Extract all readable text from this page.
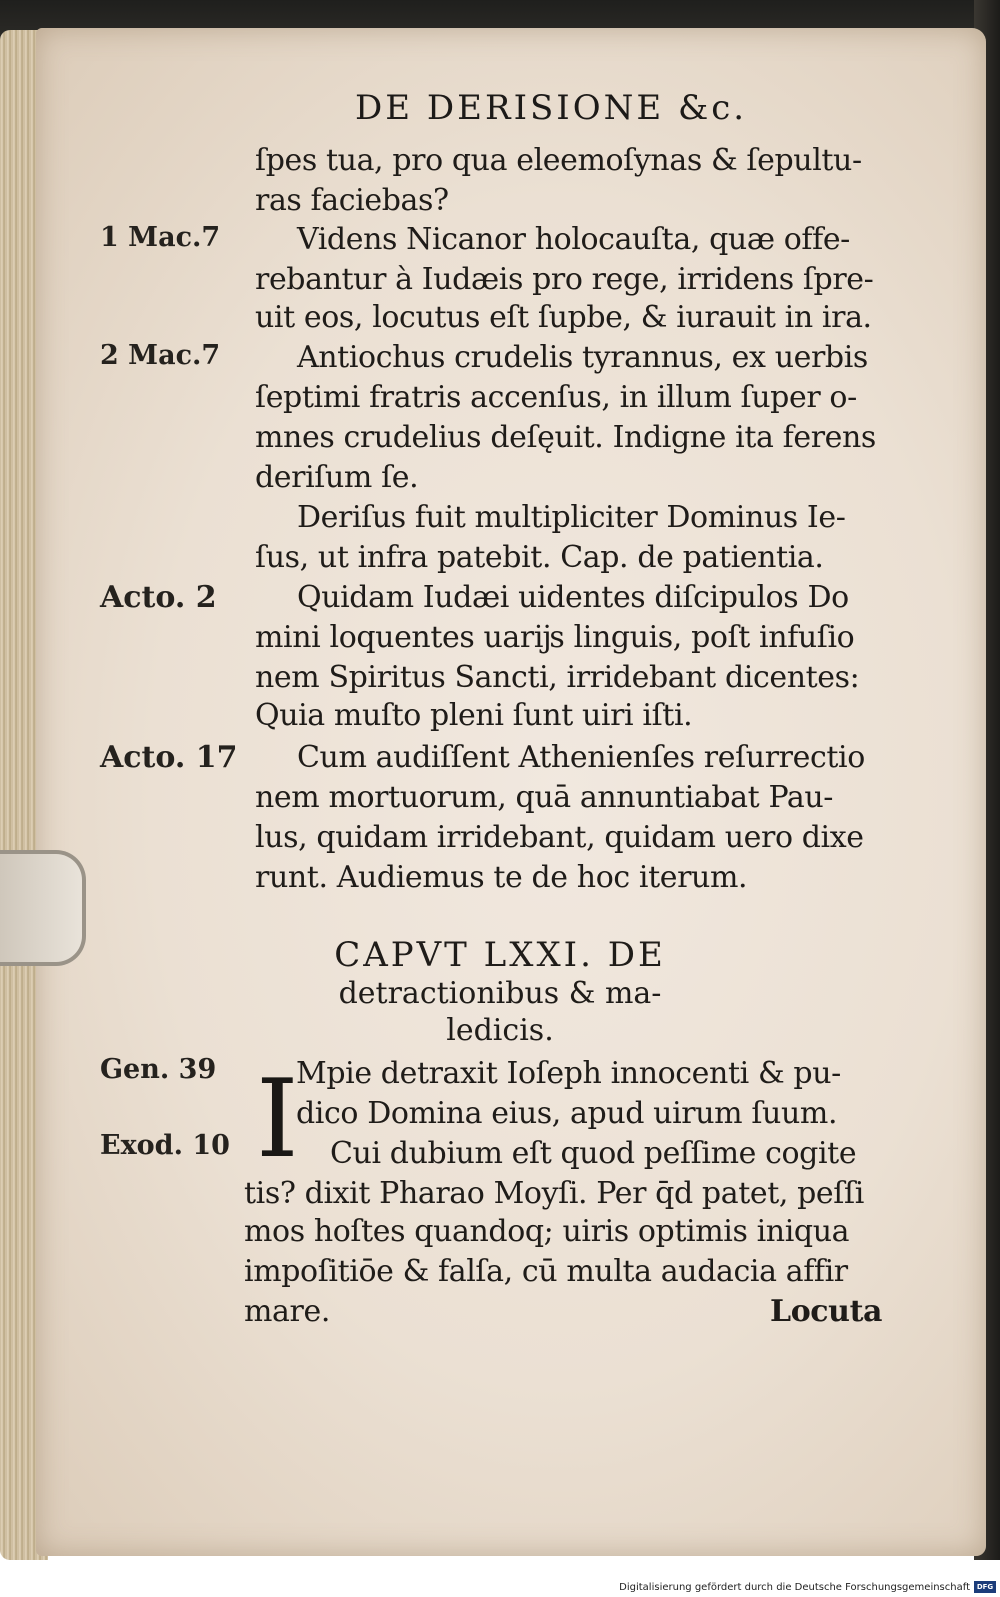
DE DERISIONE &c.
1 Mac.7
2 Mac.7
Acto. 2
Acto. 17
Gen. 39
Exod. 10
ſpes tua, pro qua eleemoſynas & ſepultu-
ras faciebas?
Videns Nicanor holocauſta, quæ offe-
rebantur à Iudæis pro rege, irridens ſpre-
uit eos, locutus eſt ſupbe, & iurauit in ira.
Antiochus crudelis tyrannus, ex uerbis
ſeptimi fratris accenſus, in illum ſuper o-
mnes crudelius deſęuit. Indigne ita ferens
deriſum ſe.
Deriſus fuit multipliciter Dominus Ie-
ſus, ut infra patebit. Cap. de patientia.
Quidam Iudæi uidentes diſcipulos Do
mini loquentes uarĳs linguis, poſt infuſio
nem Spiritus Sancti, irridebant dicentes:
Quia muſto pleni ſunt uiri iſti.
Cum audiſſent Athenienſes reſurrectio
nem mortuorum, quā annuntiabat Pau-
lus, quidam irridebant, quidam uero dixe
runt. Audiemus te de hoc iterum.
CAPVT LXXI. DE
detractionibus & ma-
ledicis.
I
Mpie detraxit Ioſeph innocenti & pu-
dico Domina eius, apud uirum ſuum.
Cui dubium eſt quod peſſime cogite
tis? dixit Pharao Moyſi. Per q̄d patet, peſſi
mos hoſtes quandoq; uiris optimis iniqua
impoſitiōe & falſa, cū multa audacia affir
mare.	Locuta
Digitalisierung gefördert durch die Deutsche Forschungsgemeinschaft DFG
